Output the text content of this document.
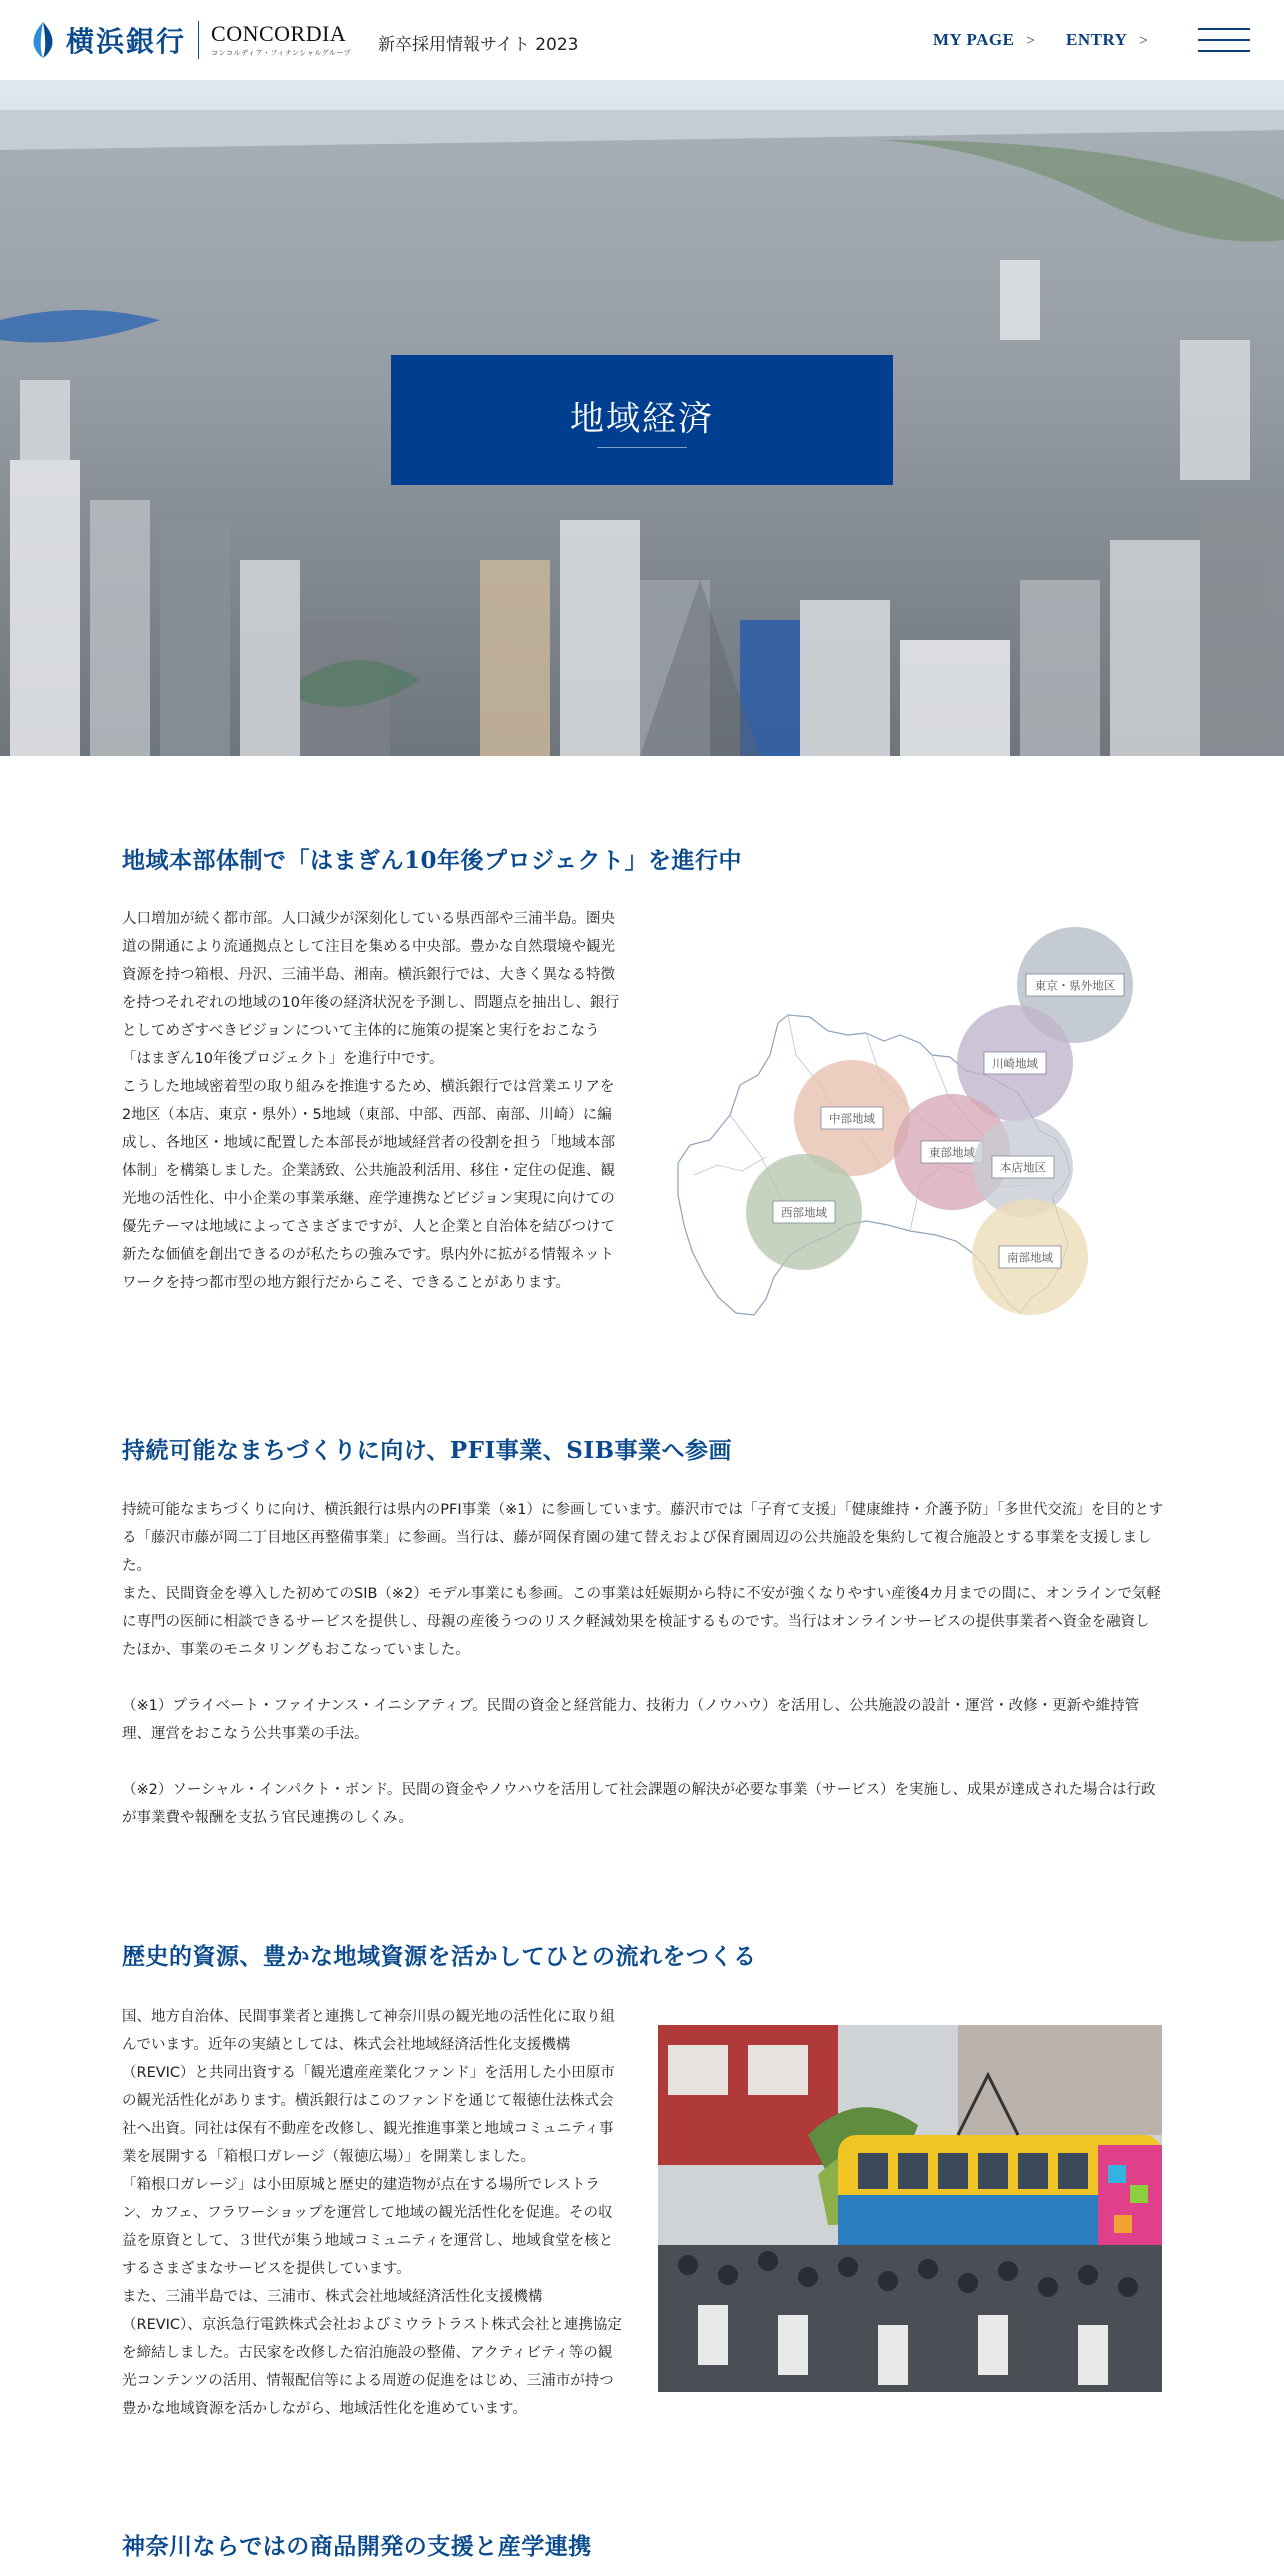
横浜銀行 CONCORDIA
コンコルディア・フィナンシャルグループ 新卒採用情報サイト 2023	MY PAGE > ENTRY >
地域経済
地域本部体制で「はまぎん10年後プロジェクト」を進行中

人口増加が続く都市部。人口減少が深刻化している県西部や三浦半島。圏央道の開通により流通拠点として注目を集める中央部。豊かな自然環境や観光資源を持つ箱根、丹沢、三浦半島、湘南。横浜銀行では、大きく異なる特徴を持つそれぞれの地域の10年後の経済状況を予測し、問題点を抽出し、銀行としてめざすべきビジョンについて主体的に施策の提案と実行をおこなう「はまぎん10年後プロジェクト」を進行中です。

こうした地域密着型の取り組みを推進するため、横浜銀行では営業エリアを2地区（本店、東京・県外）・5地域（東部、中部、西部、南部、川崎）に編成し、各地区・地域に配置した本部長が地域経営者の役割を担う「地域本部体制」を構築しました。企業誘致、公共施設利活用、移住・定住の促進、観光地の活性化、中小企業の事業承継、産学連携などビジョン実現に向けての優先テーマは地域によってさまざまですが、人と企業と自治体を結びつけて新たな価値を創出できるのが私たちの強みです。県内外に拡がる情報ネットワークを持つ都市型の地方銀行だからこそ、できることがあります。

東京・県外地区
川崎地域
中部地域
東部地域
本店地区
西部地域
南部地域
持続可能なまちづくりに向け、PFI事業、SIB事業へ参画

持続可能なまちづくりに向け、横浜銀行は県内のPFI事業（※1）に参画しています。藤沢市では「子育て支援」「健康維持・介護予防」「多世代交流」を目的とする「藤沢市藤が岡二丁目地区再整備事業」に参画。当行は、藤が岡保育園の建て替えおよび保育園周辺の公共施設を集約して複合施設とする事業を支援しました。

また、民間資金を導入した初めてのSIB（※2）モデル事業にも参画。この事業は妊娠期から特に不安が強くなりやすい産後4カ月までの間に、オンラインで気軽に専門の医師に相談できるサービスを提供し、母親の産後うつのリスク軽減効果を検証するものです。当行はオンラインサービスの提供事業者へ資金を融資したほか、事業のモニタリングもおこなっていました。

（※1）プライベート・ファイナンス・イニシアティブ。民間の資金と経営能力、技術力（ノウハウ）を活用し、公共施設の設計・運営・改修・更新や維持管理、運営をおこなう公共事業の手法。

（※2）ソーシャル・インパクト・ボンド。民間の資金やノウハウを活用して社会課題の解決が必要な事業（サービス）を実施し、成果が達成された場合は行政が事業費や報酬を支払う官民連携のしくみ。

歴史的資源、豊かな地域資源を活かしてひとの流れをつくる

国、地方自治体、民間事業者と連携して神奈川県の観光地の活性化に取り組んでいます。近年の実績としては、株式会社地域経済活性化支援機構（REVIC）と共同出資する「観光遺産産業化ファンド」を活用した小田原市の観光活性化があります。横浜銀行はこのファンドを通じて報徳仕法株式会社へ出資。同社は保有不動産を改修し、観光推進事業と地域コミュニティ事業を展開する「箱根口ガレージ（報徳広場）」を開業しました。

「箱根口ガレージ」は小田原城と歴史的建造物が点在する場所でレストラン、カフェ、フラワーショップを運営して地域の観光活性化を促進。その収益を原資として、３世代が集う地域コミュニティを運営し、地域食堂を核とするさまざまなサービスを提供しています。

また、三浦半島では、三浦市、株式会社地域経済活性化支援機構（REVIC）、京浜急行電鉄株式会社およびミウラトラスト株式会社と連携協定を締結しました。古民家を改修した宿泊施設の整備、アクティビティ等の観光コンテンツの活用、情報配信等による周遊の促進をはじめ、三浦市が持つ豊かな地域資源を活かしながら、地域活性化を進めています。

神奈川ならではの商品開発の支援と産学連携
